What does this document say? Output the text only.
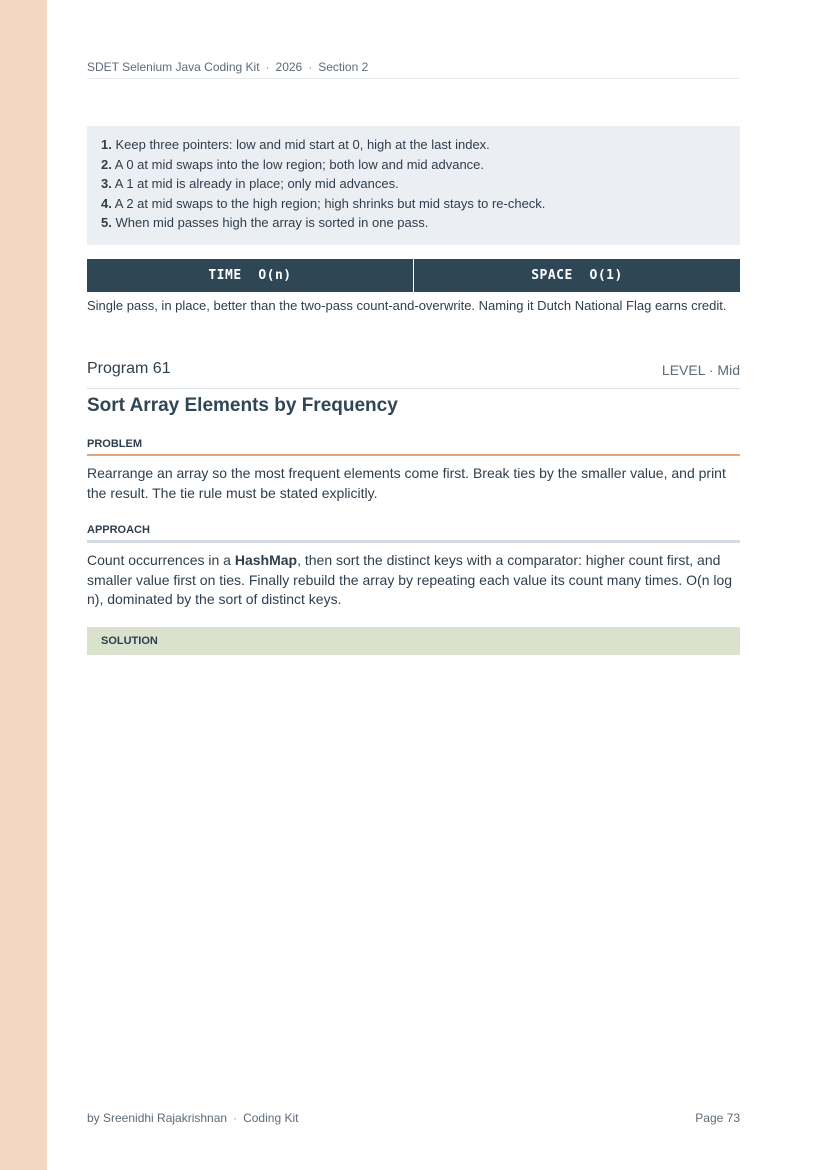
SDET Selenium Java Coding Kit · 2026 · Section 2
1. Keep three pointers: low and mid start at 0, high at the last index.
2. A 0 at mid swaps into the low region; both low and mid advance.
3. A 1 at mid is already in place; only mid advances.
4. A 2 at mid swaps to the high region; high shrinks but mid stays to re-check.
5. When mid passes high the array is sorted in one pass.
TIME  O(n)	SPACE  O(1)
Single pass, in place, better than the two-pass count-and-overwrite. Naming it Dutch National Flag earns credit.
Program 61	LEVEL · Mid
Sort Array Elements by Frequency
PROBLEM
Rearrange an array so the most frequent elements come first. Break ties by the smaller value, and print the result. The tie rule must be stated explicitly.
APPROACH
Count occurrences in a HashMap, then sort the distinct keys with a comparator: higher count first, and smaller value first on ties. Finally rebuild the array by repeating each value its count many times. O(n log n), dominated by the sort of distinct keys.
SOLUTION
by Sreenidhi Rajakrishnan · Coding Kit	Page 73
